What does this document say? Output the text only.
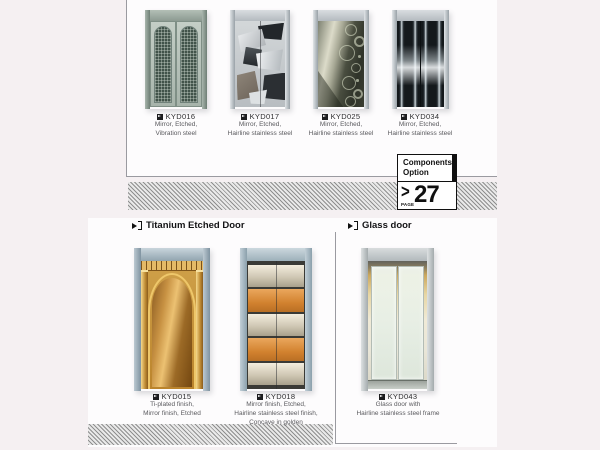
Components
Option
>
PAGE 27
KYD016
Mirror, Etched,
Vibration steel
KYD017
Mirror, Etched,
Hairline stainless steel
KYD025
Mirror, Etched,
Hairline stainless steel
KYD034
Mirror, Etched,
Hairline stainless steel
Titanium Etched Door	Glass door
KYD015
Ti-plated finish,
Mirror finish, Etched
KYD018
Mirror finish, Etched,
Hairline stainless steel finish,
Concave in golden
KYD043
Glass door with
Hairline stainless steel frame
